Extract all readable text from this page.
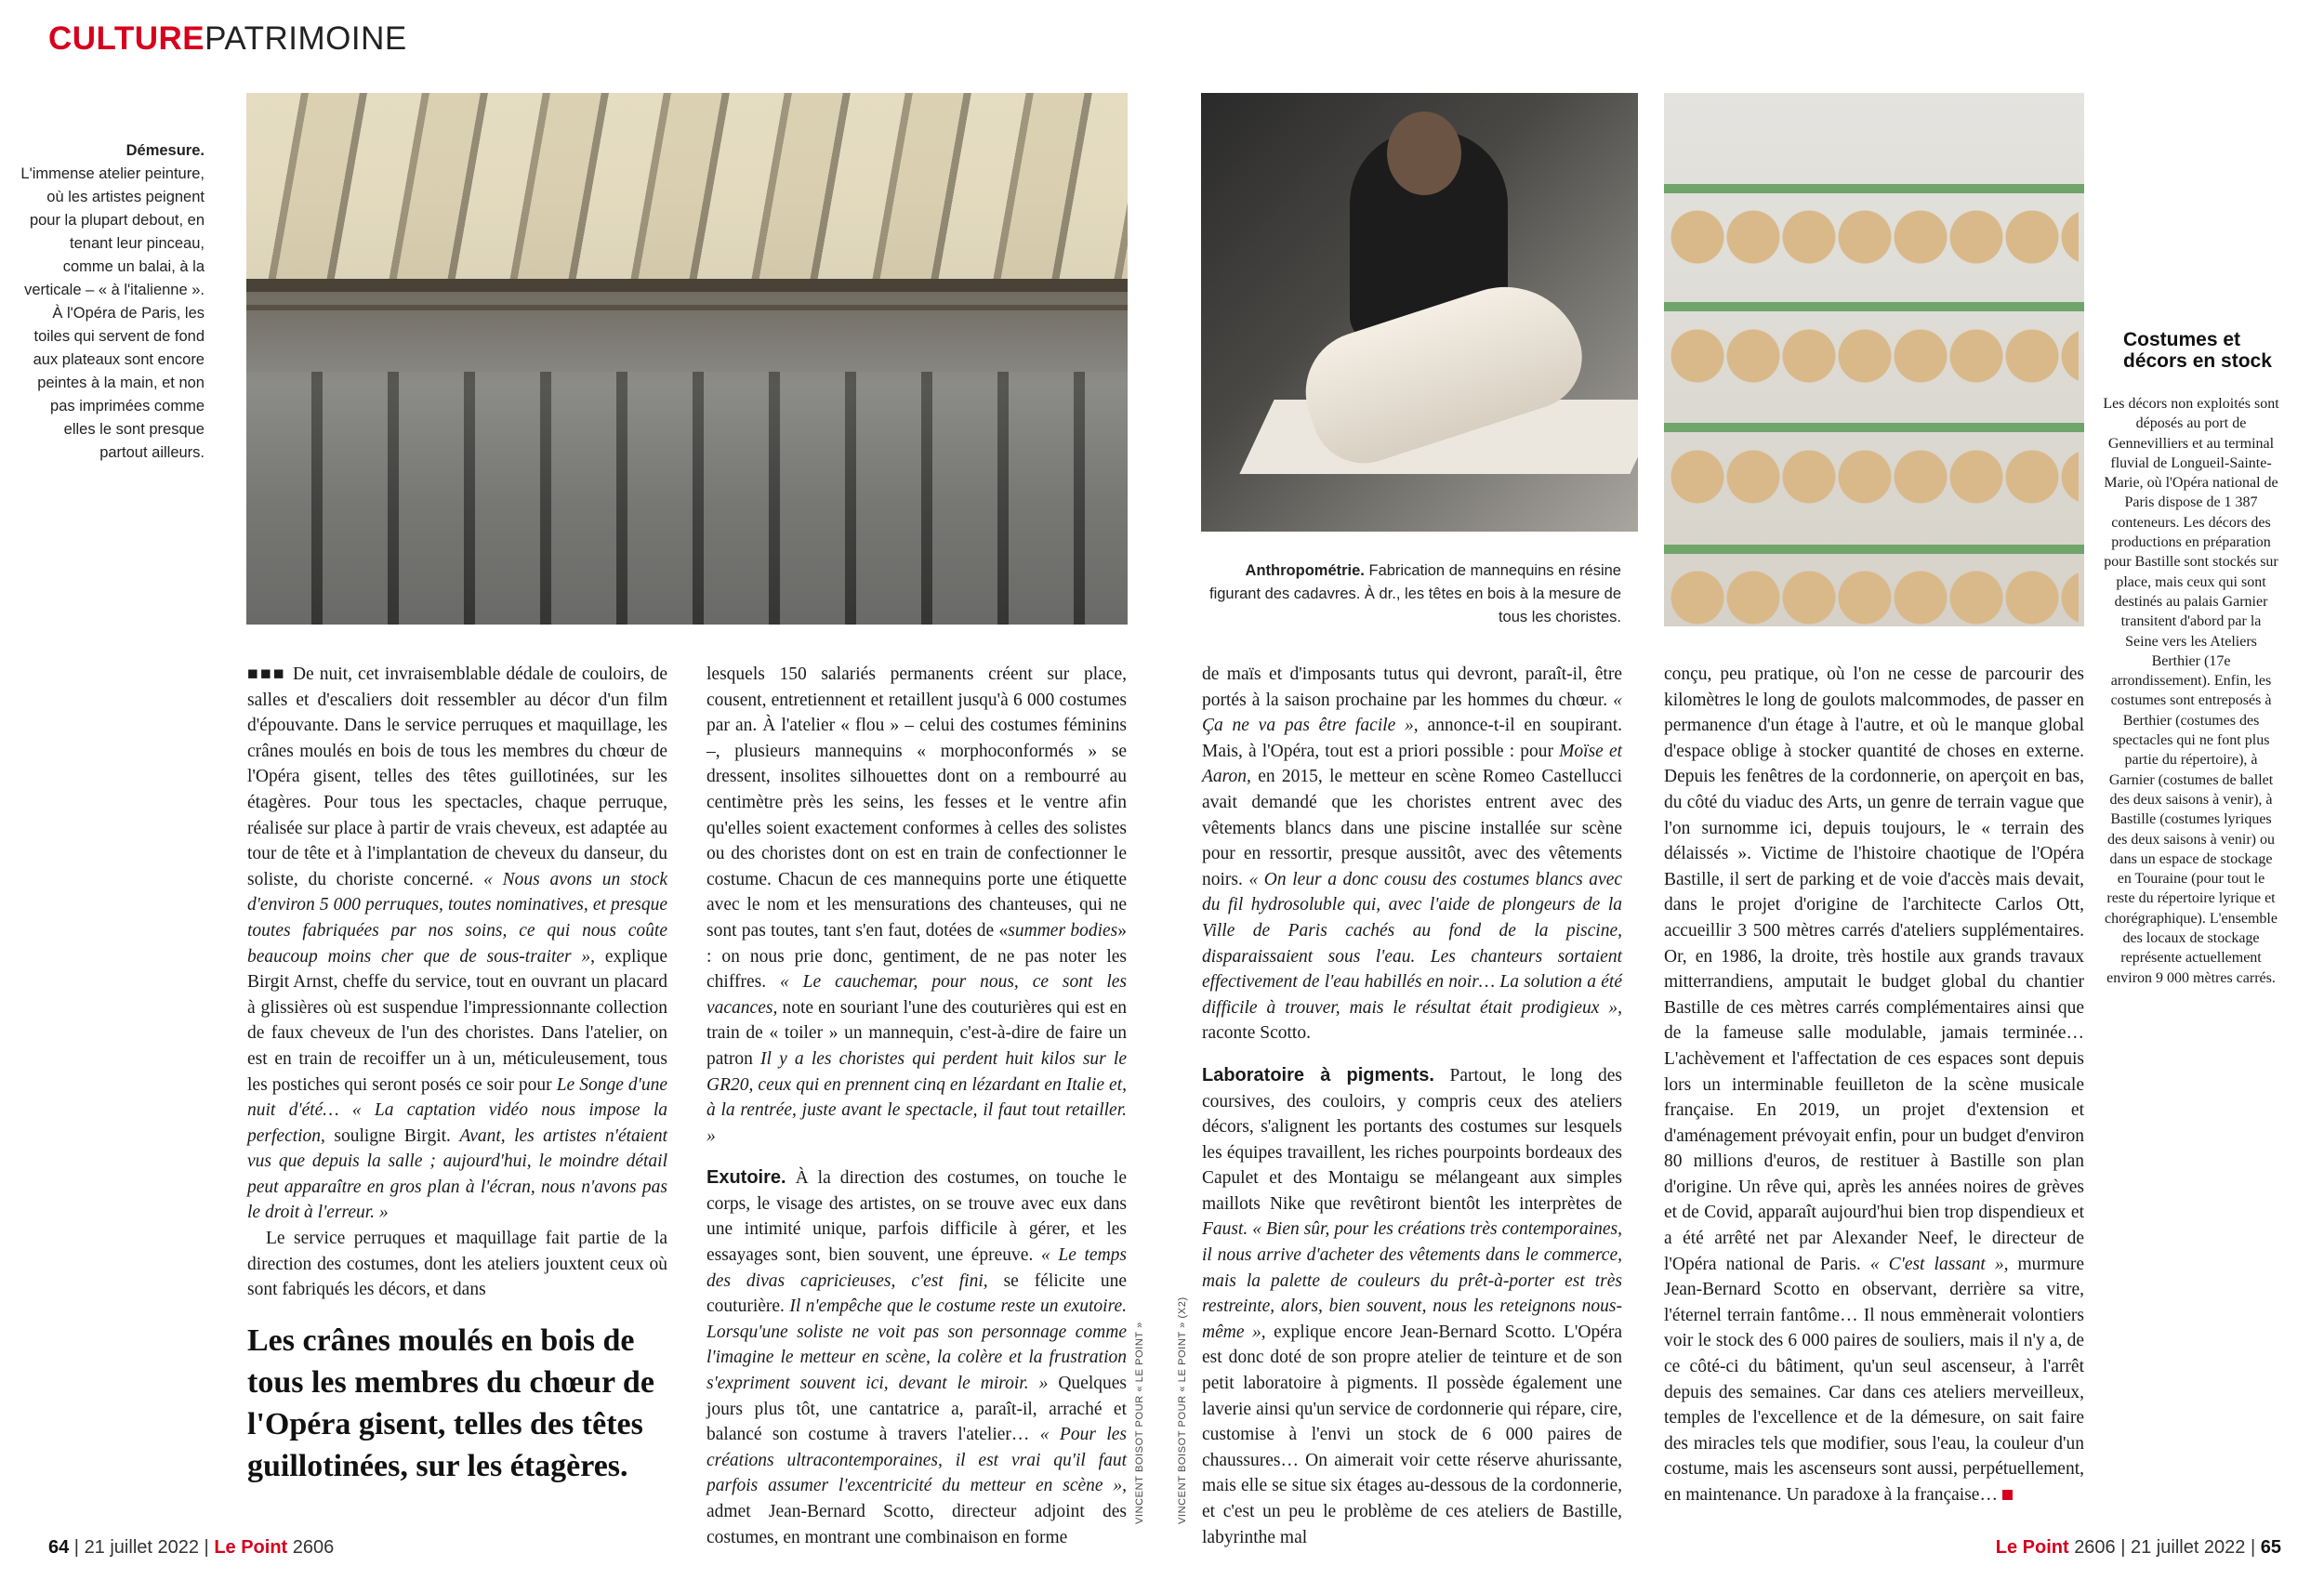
CULTUREPATRIMOINE
Démesure.
L'immense atelier peinture, où les artistes peignent pour la plupart debout, en tenant leur pinceau, comme un balai, à la verticale – « à l'italienne ». À l'Opéra de Paris, les toiles qui servent de fond aux plateaux sont encore peintes à la main, et non pas imprimées comme elles le sont presque partout ailleurs.
Anthropométrie. Fabrication de mannequins en résine figurant des cadavres. À dr., les têtes en bois à la mesure de tous les choristes.
Costumes et décors en stock
Les décors non exploités sont déposés au port de Gennevilliers et au terminal fluvial de Longueil-Sainte-Marie, où l'Opéra national de Paris dispose de 1 387 conteneurs. Les décors des productions en préparation pour Bastille sont stockés sur place, mais ceux qui sont destinés au palais Garnier transitent d'abord par la Seine vers les Ateliers Berthier (17e arrondissement). Enfin, les costumes sont entreposés à Berthier (costumes des spectacles qui ne font plus partie du répertoire), à Garnier (costumes de ballet des deux saisons à venir), à Bastille (costumes lyriques des deux saisons à venir) ou dans un espace de stockage en Touraine (pour tout le reste du répertoire lyrique et chorégraphique). L'ensemble des locaux de stockage représente actuellement environ 9 000 mètres carrés.

■■■ De nuit, cet invraisemblable dédale de couloirs, de salles et d'escaliers doit ressembler au décor d'un film d'épouvante. Dans le service perruques et maquillage, les crânes moulés en bois de tous les membres du chœur de l'Opéra gisent, telles des têtes guillotinées, sur les étagères. Pour tous les spectacles, chaque perruque, réalisée sur place à partir de vrais cheveux, est adaptée au tour de tête et à l'implantation de cheveux du danseur, du soliste, du choriste concerné. « Nous avons un stock d'environ 5 000 perruques, toutes nominatives, et presque toutes fabriquées par nos soins, ce qui nous coûte beaucoup moins cher que de sous-traiter », explique Birgit Arnst, cheffe du service, tout en ouvrant un placard à glissières où est suspendue l'impressionnante collection de faux cheveux de l'un des choristes. Dans l'atelier, on est en train de recoiffer un à un, méticuleusement, tous les postiches qui seront posés ce soir pour Le Songe d'une nuit d'été… « La captation vidéo nous impose la perfection, souligne Birgit. Avant, les artistes n'étaient vus que depuis la salle ; aujourd'hui, le moindre détail peut apparaître en gros plan à l'écran, nous n'avons pas le droit à l'erreur. »

Le service perruques et maquillage fait partie de la direction des costumes, dont les ateliers jouxtent ceux où sont fabriqués les décors, et dans

Les crânes moulés en bois de tous les membres du chœur de l'Opéra gisent, telles des têtes guillotinées, sur les étagères.

lesquels 150 salariés permanents créent sur place, cousent, entretiennent et retaillent jusqu'à 6 000 costumes par an. À l'atelier « flou » – celui des costumes féminins –, plusieurs mannequins « morphoconformés » se dressent, insolites silhouettes dont on a rembourré au centimètre près les seins, les fesses et le ventre afin qu'elles soient exactement conformes à celles des solistes ou des choristes dont on est en train de confectionner le costume. Chacun de ces mannequins porte une étiquette avec le nom et les mensurations des chanteuses, qui ne sont pas toutes, tant s'en faut, dotées de «summer bodies» : on nous prie donc, gentiment, de ne pas noter les chiffres. « Le cauchemar, pour nous, ce sont les vacances, note en souriant l'une des couturières qui est en train de « toiler » un mannequin, c'est-à-dire de faire un patron Il y a les choristes qui perdent huit kilos sur le GR20, ceux qui en prennent cinq en lézardant en Italie et, à la rentrée, juste avant le spectacle, il faut tout retailler. »

Exutoire. À la direction des costumes, on touche le corps, le visage des artistes, on se trouve avec eux dans une intimité unique, parfois difficile à gérer, et les essayages sont, bien souvent, une épreuve. « Le temps des divas capricieuses, c'est fini, se félicite une couturière. Il n'empêche que le costume reste un exutoire. Lorsqu'une soliste ne voit pas son personnage comme l'imagine le metteur en scène, la colère et la frustration s'expriment souvent ici, devant le miroir. » Quelques jours plus tôt, une cantatrice a, paraît-il, arraché et balancé son costume à travers l'atelier… « Pour les créations ultracontemporaines, il est vrai qu'il faut parfois assumer l'excentricité du metteur en scène », admet Jean-Bernard Scotto, directeur adjoint des costumes, en montrant une combinaison en forme

VINCENT BOISOT POUR « LE POINT »	VINCENT BOISOT POUR « LE POINT » (X2)

de maïs et d'imposants tutus qui devront, paraît-il, être portés à la saison prochaine par les hommes du chœur. « Ça ne va pas être facile », annonce-t-il en soupirant. Mais, à l'Opéra, tout est a priori possible : pour Moïse et Aaron, en 2015, le metteur en scène Romeo Castellucci avait demandé que les choristes entrent avec des vêtements blancs dans une piscine installée sur scène pour en ressortir, presque aussitôt, avec des vêtements noirs. « On leur a donc cousu des costumes blancs avec du fil hydrosoluble qui, avec l'aide de plongeurs de la Ville de Paris cachés au fond de la piscine, disparaissaient sous l'eau. Les chanteurs sortaient effectivement de l'eau habillés en noir… La solution a été difficile à trouver, mais le résultat était prodigieux », raconte Scotto.

Laboratoire à pigments. Partout, le long des coursives, des couloirs, y compris ceux des ateliers décors, s'alignent les portants des costumes sur lesquels les équipes travaillent, les riches pourpoints bordeaux des Capulet et des Montaigu se mélangeant aux simples maillots Nike que revêtiront bientôt les interprètes de Faust. « Bien sûr, pour les créations très contemporaines, il nous arrive d'acheter des vêtements dans le commerce, mais la palette de couleurs du prêt-à-porter est très restreinte, alors, bien souvent, nous les reteignons nous-même », explique encore Jean-Bernard Scotto. L'Opéra est donc doté de son propre atelier de teinture et de son petit laboratoire à pigments. Il possède également une laverie ainsi qu'un service de cordonnerie qui répare, cire, customise à l'envi un stock de 6 000 paires de chaussures… On aimerait voir cette réserve ahurissante, mais elle se situe six étages au-dessous de la cordonnerie, et c'est un peu le problème de ces ateliers de Bastille, labyrinthe mal

conçu, peu pratique, où l'on ne cesse de parcourir des kilomètres le long de goulots malcommodes, de passer en permanence d'un étage à l'autre, et où le manque global d'espace oblige à stocker quantité de choses en externe. Depuis les fenêtres de la cordonnerie, on aperçoit en bas, du côté du viaduc des Arts, un genre de terrain vague que l'on surnomme ici, depuis toujours, le « terrain des délaissés ». Victime de l'histoire chaotique de l'Opéra Bastille, il sert de parking et de voie d'accès mais devait, dans le projet d'origine de l'architecte Carlos Ott, accueillir 3 500 mètres carrés d'ateliers supplémentaires. Or, en 1986, la droite, très hostile aux grands travaux mitterrandiens, amputait le budget global du chantier Bastille de ces mètres carrés complémentaires ainsi que de la fameuse salle modulable, jamais terminée… L'achèvement et l'affectation de ces espaces sont depuis lors un interminable feuilleton de la scène musicale française. En 2019, un projet d'extension et d'aménagement prévoyait enfin, pour un budget d'environ 80 millions d'euros, de restituer à Bastille son plan d'origine. Un rêve qui, après les années noires de grèves et de Covid, apparaît aujourd'hui bien trop dispendieux et a été arrêté net par Alexander Neef, le directeur de l'Opéra national de Paris. « C'est lassant », murmure Jean-Bernard Scotto en observant, derrière sa vitre, l'éternel terrain fantôme… Il nous emmènerait volontiers voir le stock des 6 000 paires de souliers, mais il n'y a, de ce côté-ci du bâtiment, qu'un seul ascenseur, à l'arrêt depuis des semaines. Car dans ces ateliers merveilleux, temples de l'excellence et de la démesure, on sait faire des miracles tels que modifier, sous l'eau, la couleur d'un costume, mais les ascenseurs sont aussi, perpétuellement, en maintenance. Un paradoxe à la française…

64 | 21 juillet 2022 | Le Point 2606	Le Point 2606 | 21 juillet 2022 | 65
